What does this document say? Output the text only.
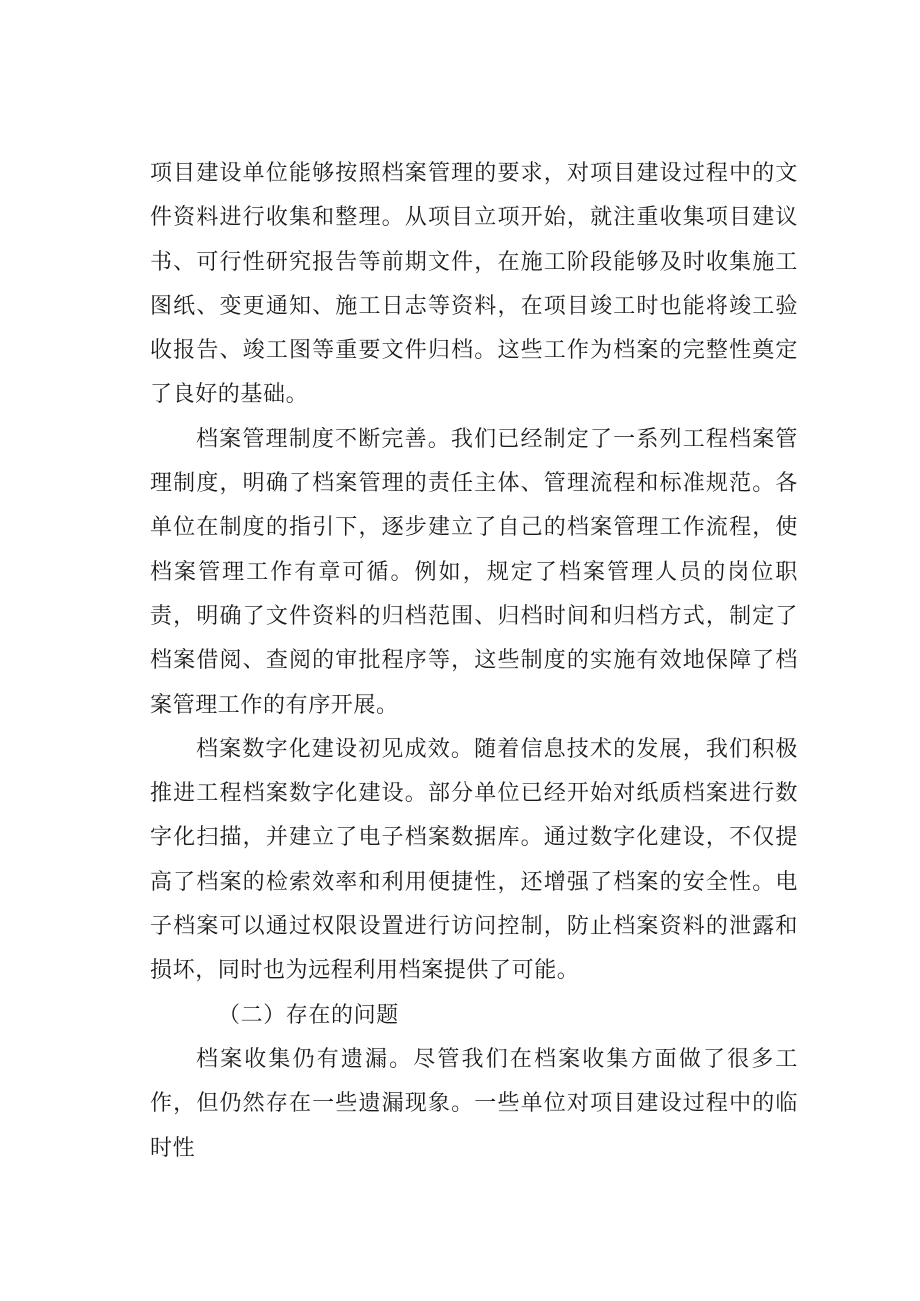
项目建设单位能够按照档案管理的要求，对项目建设过程中的文件资料进行收集和整理。从项目立项开始，就注重收集项目建议书、可行性研究报告等前期文件，在施工阶段能够及时收集施工图纸、变更通知、施工日志等资料，在项目竣工时也能将竣工验收报告、竣工图等重要文件归档。这些工作为档案的完整性奠定了良好的基础。

档案管理制度不断完善。我们已经制定了一系列工程档案管理制度，明确了档案管理的责任主体、管理流程和标准规范。各单位在制度的指引下，逐步建立了自己的档案管理工作流程，使档案管理工作有章可循。例如，规定了档案管理人员的岗位职责，明确了文件资料的归档范围、归档时间和归档方式，制定了档案借阅、查阅的审批程序等，这些制度的实施有效地保障了档案管理工作的有序开展。

档案数字化建设初见成效。随着信息技术的发展，我们积极推进工程档案数字化建设。部分单位已经开始对纸质档案进行数字化扫描，并建立了电子档案数据库。通过数字化建设，不仅提高了档案的检索效率和利用便捷性，还增强了档案的安全性。电子档案可以通过权限设置进行访问控制，防止档案资料的泄露和损坏，同时也为远程利用档案提供了可能。

（二）存在的问题

档案收集仍有遗漏。尽管我们在档案收集方面做了很多工作，但仍然存在一些遗漏现象。一些单位对项目建设过程中的临时性
